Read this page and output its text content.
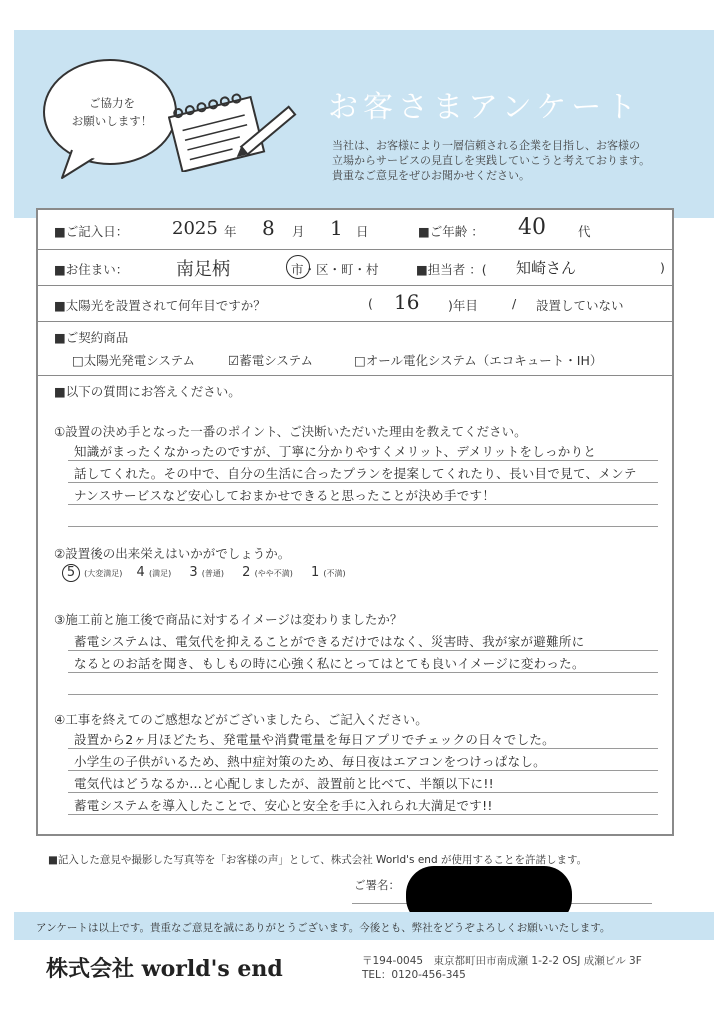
ご協力を
お願いします！	お客さまアンケート
当社は、お客様により一層信頼される企業を目指し、お客様の
立場からサービスの見直しを実践していこうと考えております。
貴重なご意見をぜひお聞かせください。
■ご記入日： 2025 年 8 月 1 日	■ご年齢 ： 40	代
■お住まい：	南足柄	市・区・町・村	■担当者 ：( 知崎さん	)
■太陽光を設置されて何年目ですか？	( 16 )年目	/ 設置していない
■ご契約商品
□太陽光発電システム	☑蓄電システム	□オール電化システム（エコキュート・IH）
■以下の質問にお答えください。
①設置の決め手となった一番のポイント、ご決断いただいた理由を教えてください。
知識がまったくなかったのですが、丁寧に分かりやすくメリット、デメリットをしっかりと
話してくれた。その中で、自分の生活に合ったプランを提案してくれたり、長い目で見て、メンテ
ナンスサービスなど安心しておまかせできると思ったことが決め手です！
②設置後の出来栄えはいかがでしょうか。
5 (大変満足) 4 (満足) 3 (普通) 2 (やや不満) 1 (不満)
③施工前と施工後で商品に対するイメージは変わりましたか？
蓄電システムは、電気代を抑えることができるだけではなく、災害時、我が家が避難所に
なるとのお話を聞き、もしもの時に心強く私にとってはとても良いイメージに変わった。
④工事を終えてのご感想などがございましたら、ご記入ください。
設置から2ヶ月ほどたち、発電量や消費電量を毎日アプリでチェックの日々でした。
小学生の子供がいるため、熱中症対策のため、毎日夜はエアコンをつけっぱなし。
電気代はどうなるか…と心配しましたが、設置前と比べて、半額以下に!!
蓄電システムを導入したことで、安心と安全を手に入れられ大満足です!!
■記入した意見や撮影した写真等を「お客様の声」として、株式会社 World's end が使用することを許諾します。
ご署名：
アンケートは以上です。貴重なご意見を誠にありがとうございます。今後とも、弊社をどうぞよろしくお願いいたします。
株式会社 world's end	〒194-0045　東京都町田市南成瀬 1-2-2 OSJ 成瀬ビル 3F
TEL：0120-456-345
